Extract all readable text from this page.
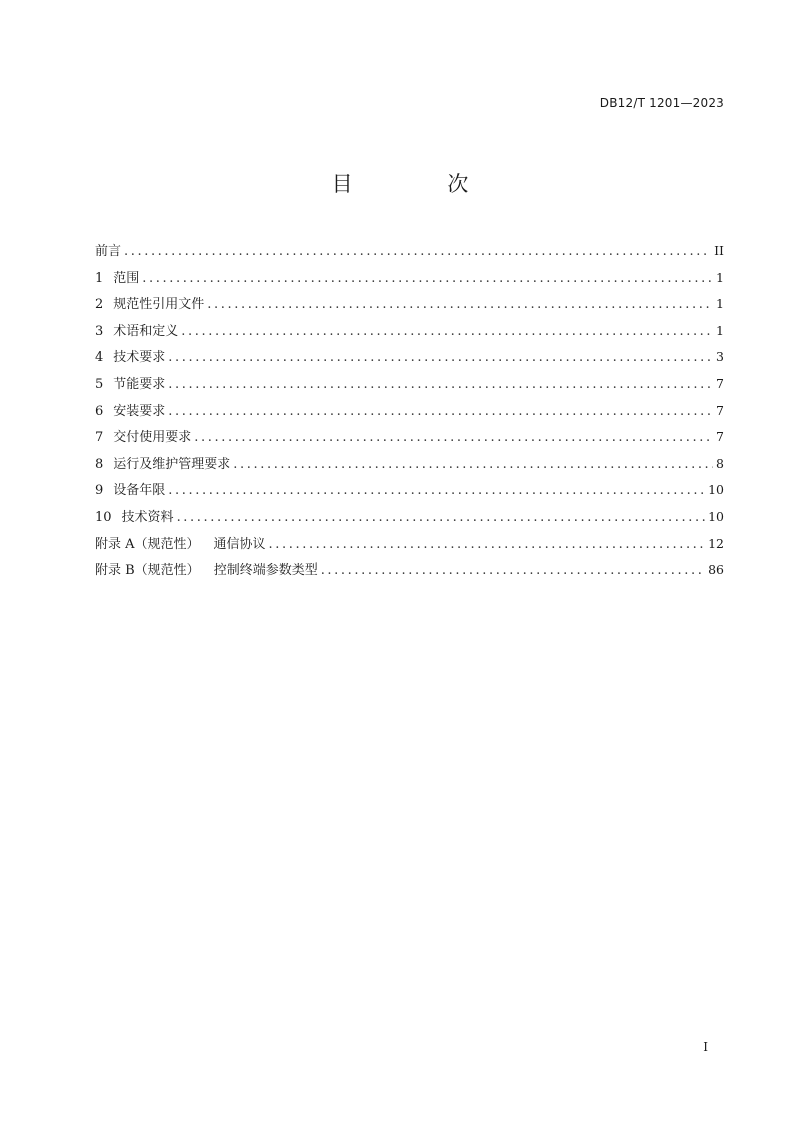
DB12/T 1201—2023
目 次
前言 .....	II
1 范围 .....	1
2 规范性引用文件 .....	1
3 术语和定义 .....	1
4 技术要求 .....	3
5 节能要求 .....	7
6 安装要求 .....	7
7 交付使用要求 .....	7
8 运行及维护管理要求 .....	8
9 设备年限 .....	10
10 技术资料 .....	10
附录 A（规范性） 通信协议 .....	12
附录 B（规范性） 控制终端参数类型 .....	86
I
